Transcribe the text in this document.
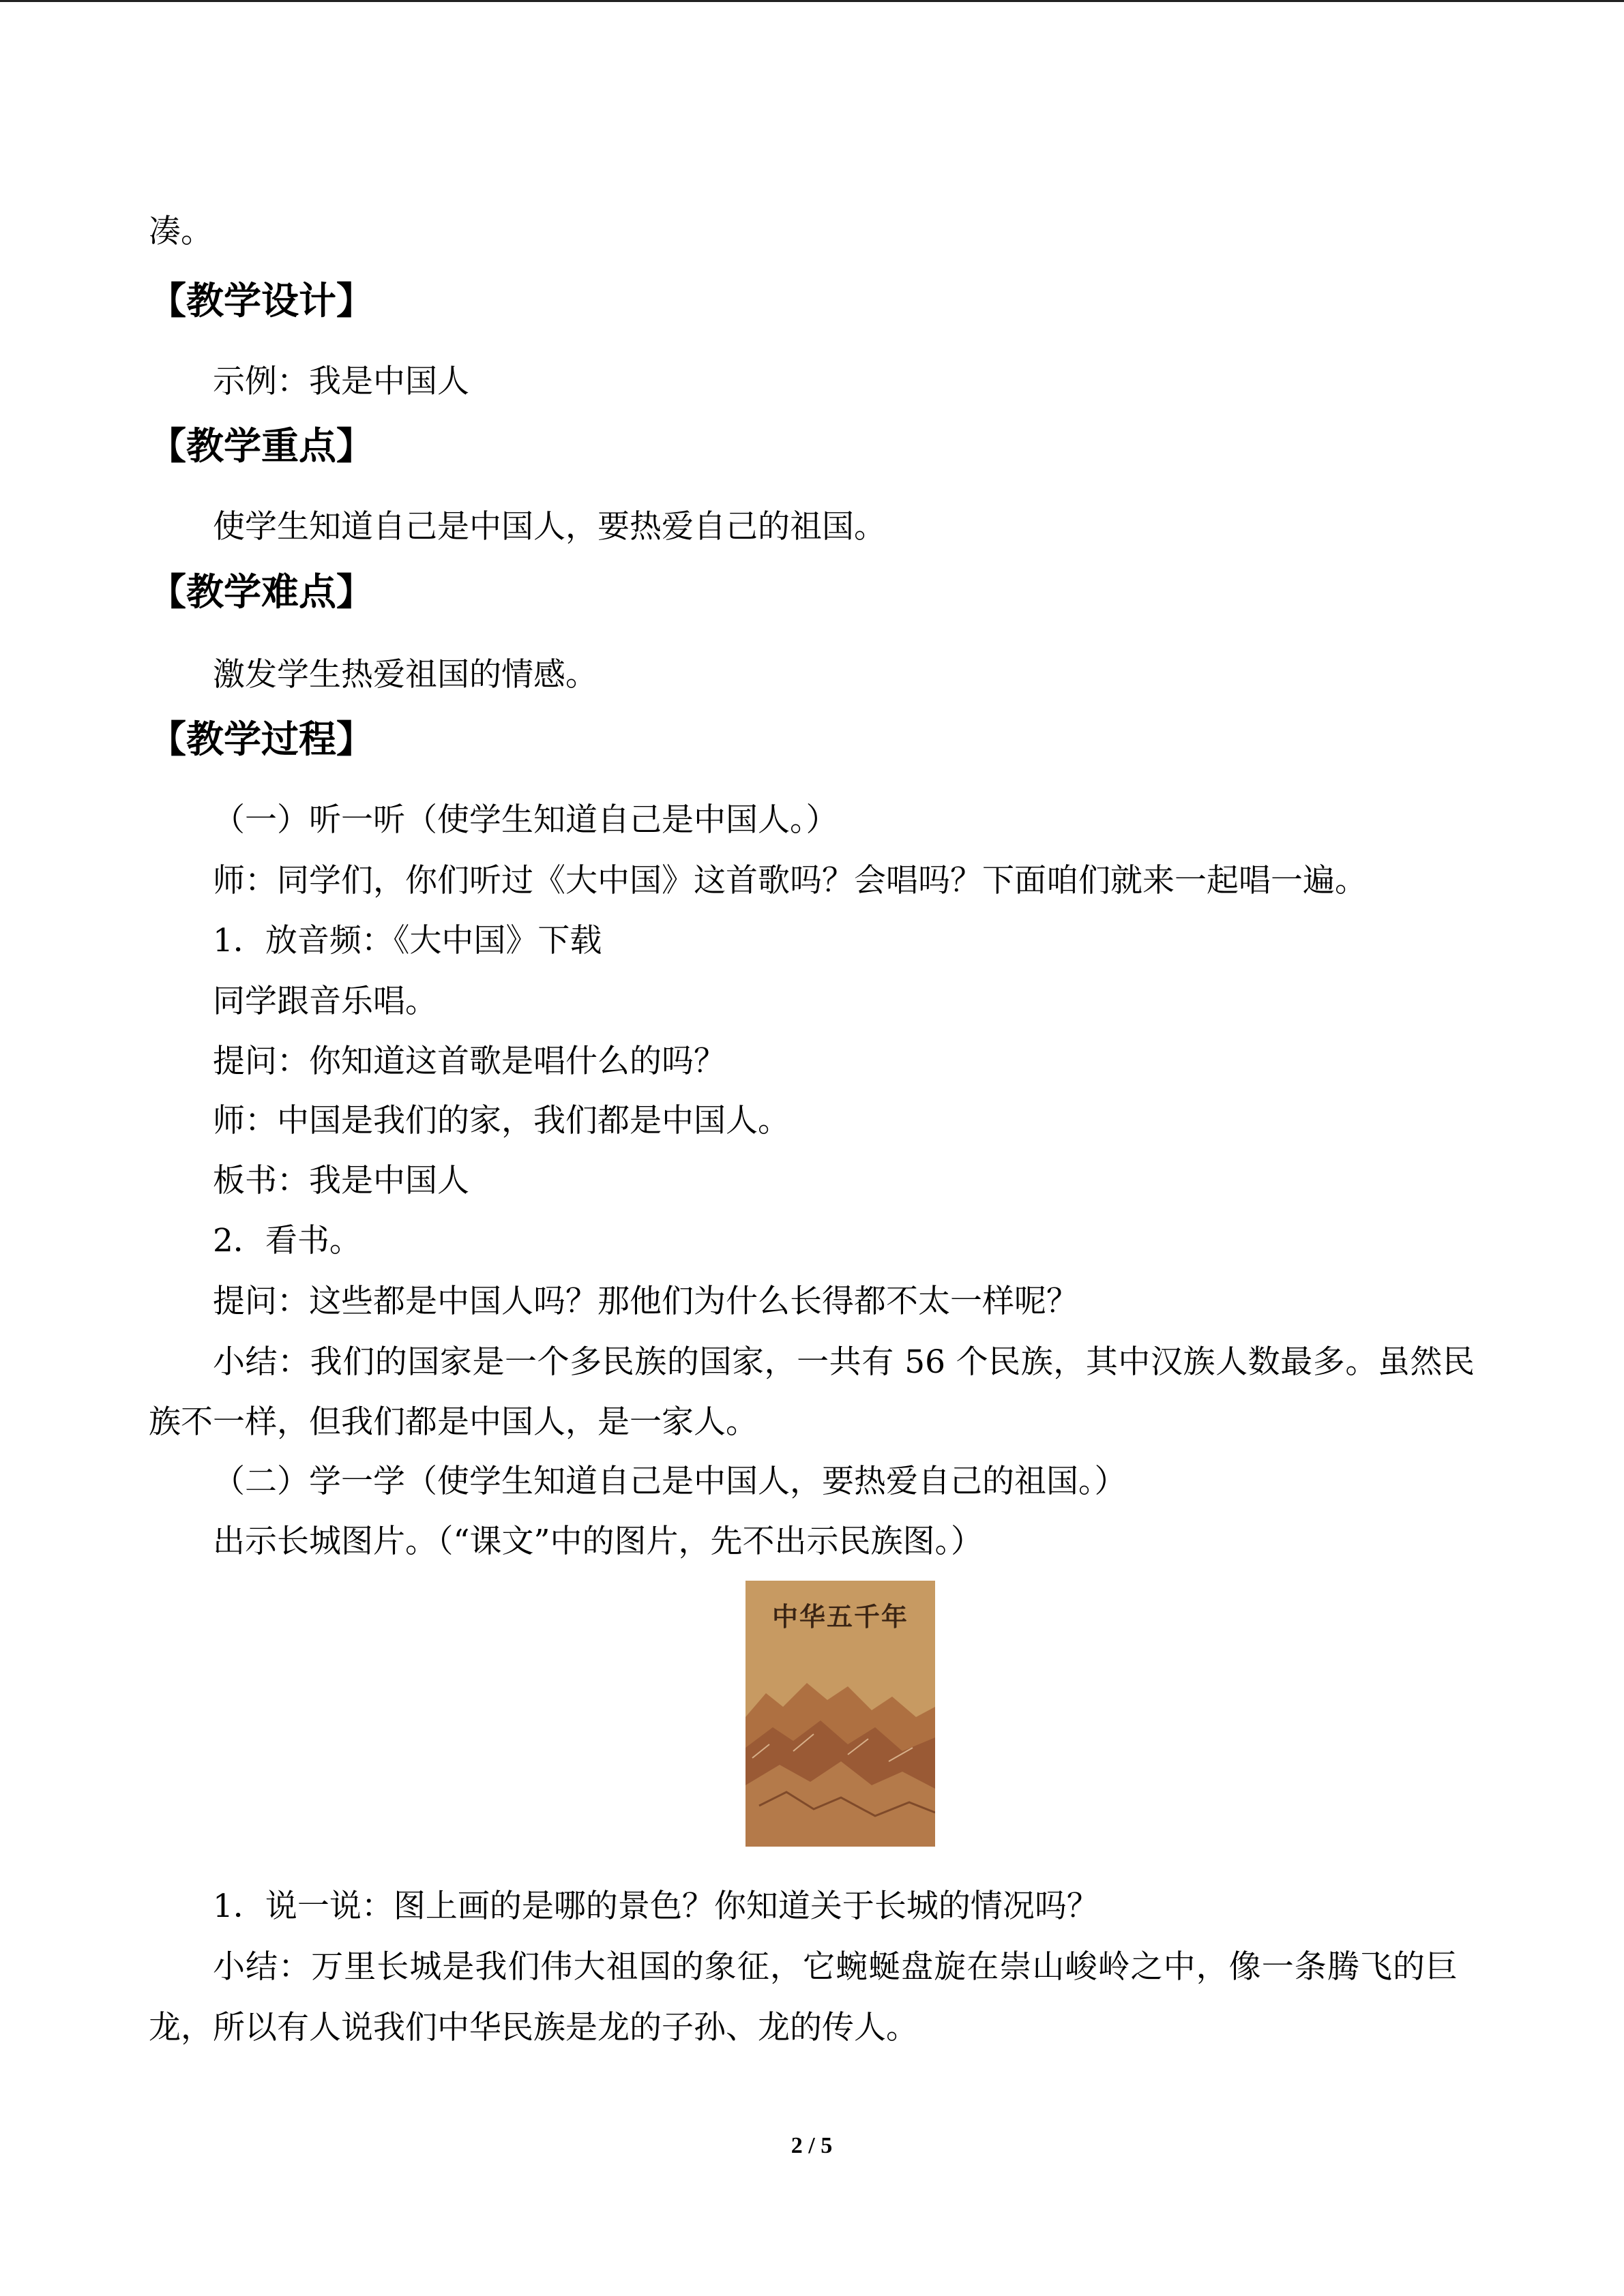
凑。

【教学设计】

示例：我是中国人

【教学重点】

使学生知道自己是中国人，要热爱自己的祖国。

【教学难点】

激发学生热爱祖国的情感。

【教学过程】

（一）听一听（使学生知道自己是中国人。）

师：同学们，你们听过《大中国》这首歌吗？会唱吗？下面咱们就来一起唱一遍。

1．放音频：《大中国》下载

同学跟音乐唱。

提问：你知道这首歌是唱什么的吗？

师：中国是我们的家，我们都是中国人。

板书：我是中国人

2．看书。

提问：这些都是中国人吗？那他们为什么长得都不太一样呢？

小结：我们的国家是一个多民族的国家，一共有 56 个民族，其中汉族人数最多。虽然民

族不一样，但我们都是中国人，是一家人。

（二）学一学（使学生知道自己是中国人，要热爱自己的祖国。）

出示长城图片。（“课文”中的图片，先不出示民族图。）

中华五千年

1．说一说：图上画的是哪的景色？你知道关于长城的情况吗？

小结：万里长城是我们伟大祖国的象征，它蜿蜒盘旋在崇山峻岭之中，像一条腾飞的巨

龙，所以有人说我们中华民族是龙的子孙、龙的传人。

2 / 5
